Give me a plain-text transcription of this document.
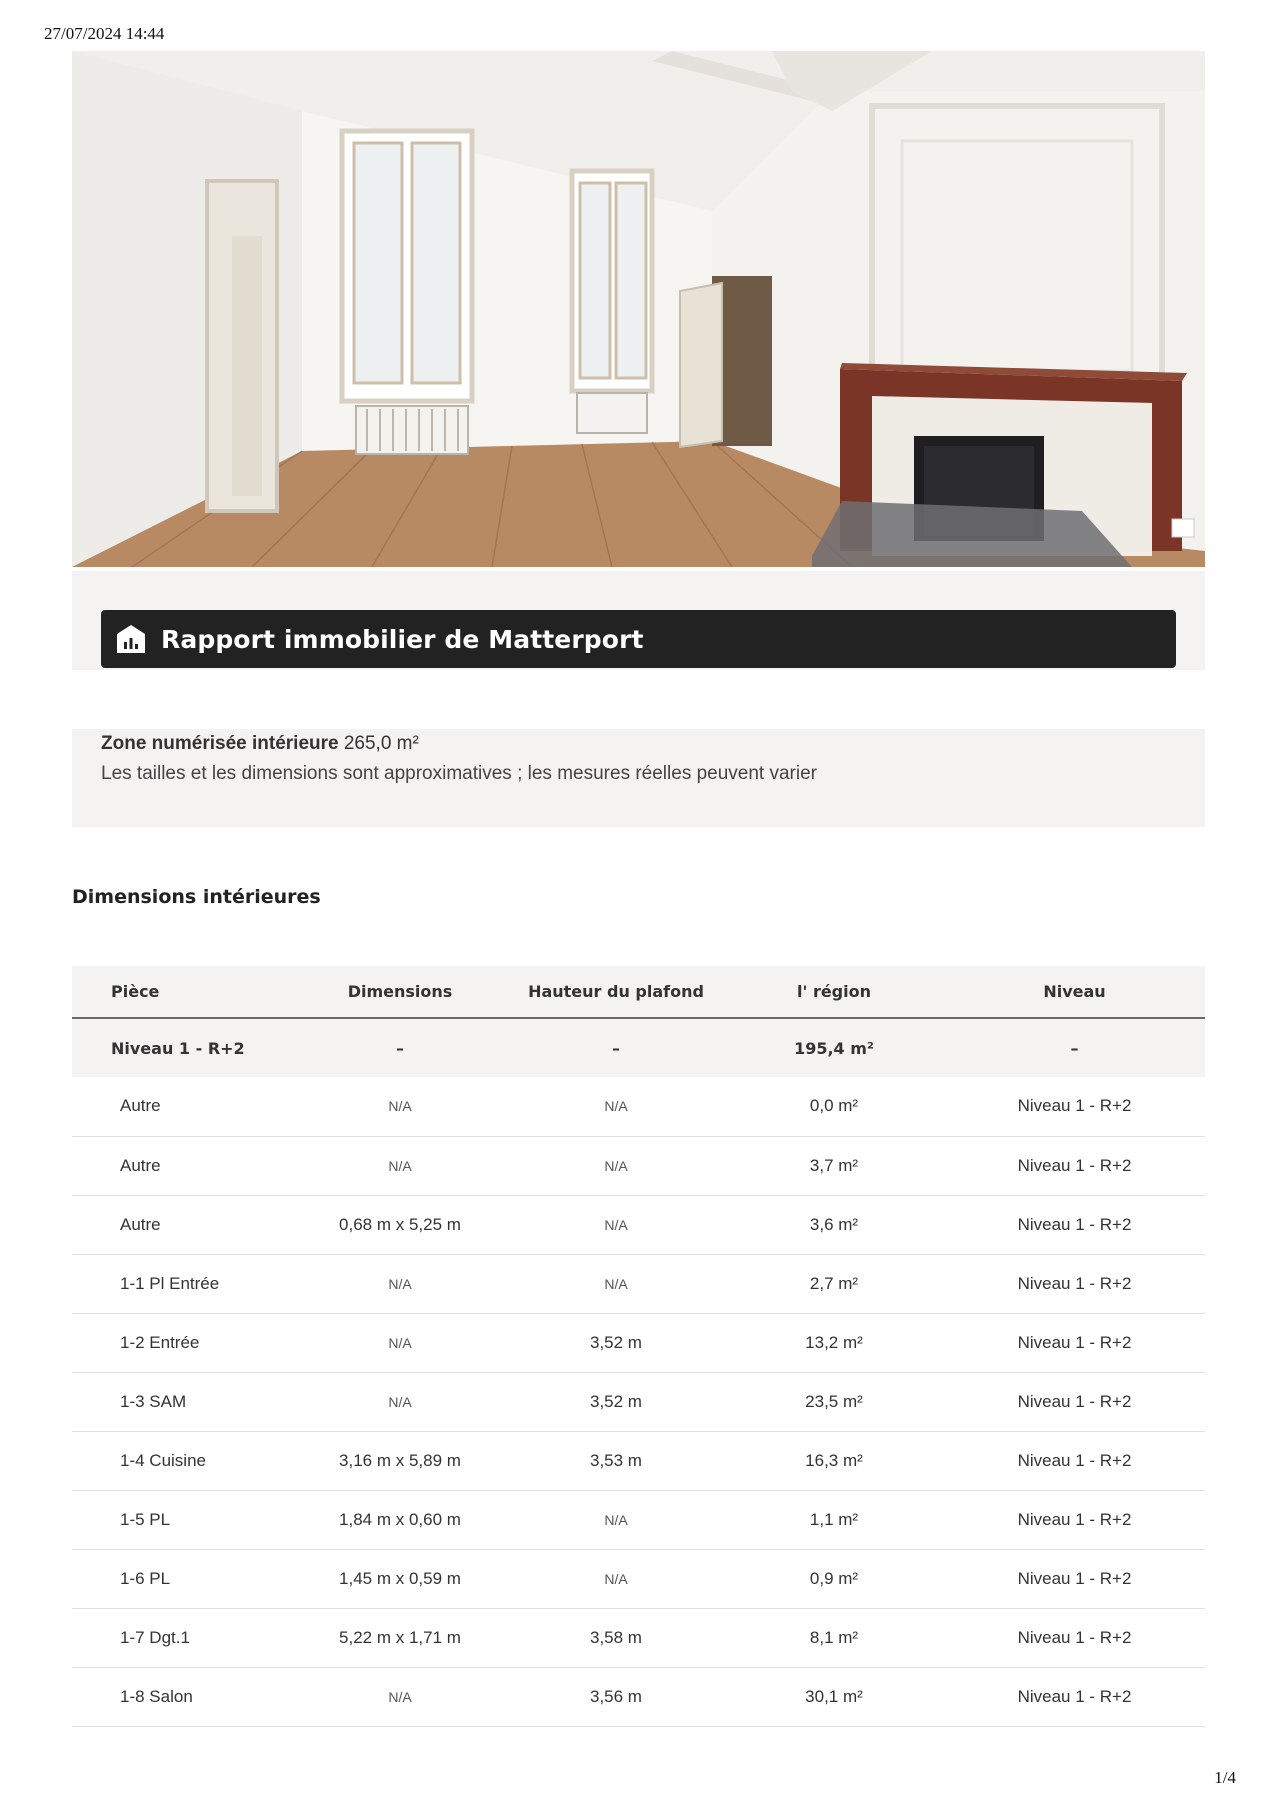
27/07/2024 14:44
Rapport immobilier de Matterport
Zone numérisée intérieure 265,0 m²
Les tailles et les dimensions sont approximatives ; les mesures réelles peuvent varier
Dimensions intérieures
Pièce	Dimensions	Hauteur du plafond	l' région	Niveau
Niveau 1 - R+2	–	–	195,4 m²	–
Autre	N/A	N/A	0,0 m²	Niveau 1 - R+2
Autre	N/A	N/A	3,7 m²	Niveau 1 - R+2
Autre	0,68 m x 5,25 m	N/A	3,6 m²	Niveau 1 - R+2
1-1 Pl Entrée	N/A	N/A	2,7 m²	Niveau 1 - R+2
1-2 Entrée	N/A	3,52 m	13,2 m²	Niveau 1 - R+2
1-3 SAM	N/A	3,52 m	23,5 m²	Niveau 1 - R+2
1-4 Cuisine	3,16 m x 5,89 m	3,53 m	16,3 m²	Niveau 1 - R+2
1-5 PL	1,84 m x 0,60 m	N/A	1,1 m²	Niveau 1 - R+2
1-6 PL	1,45 m x 0,59 m	N/A	0,9 m²	Niveau 1 - R+2
1-7 Dgt.1	5,22 m x 1,71 m	3,58 m	8,1 m²	Niveau 1 - R+2
1-8 Salon	N/A	3,56 m	30,1 m²	Niveau 1 - R+2
1/4
